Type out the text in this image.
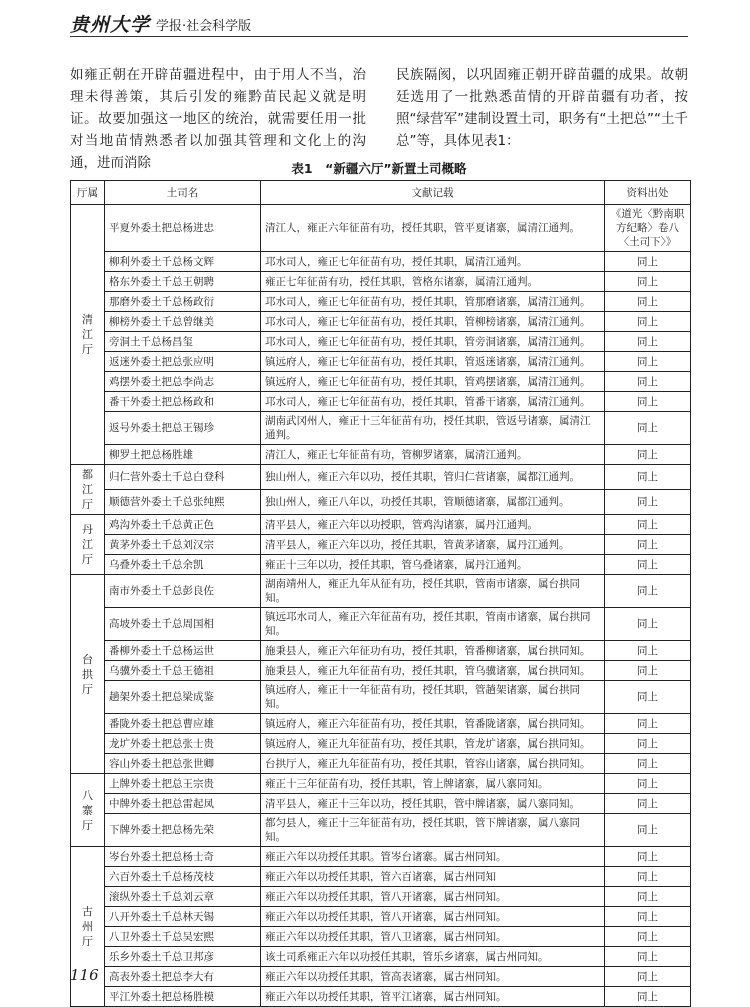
贵州大学 学报·社会科学版
如雍正朝在开辟苗疆进程中，由于用人不当，治理未得善策，其后引发的雍黔苗民起义就是明证。故要加强这一地区的统治，就需要任用一批对当地苗情熟悉者以加强其管理和文化上的沟通，进而消除
民族隔阂，以巩固雍正朝开辟苗疆的成果。故朝廷选用了一批熟悉苗情的开辟苗疆有功者，按照“绿营军”建制设置土司，职务有“土把总”“土千总”等，具体见表1：
表1　“新疆六厅”新置土司概略
厅属	土司名	文献记载	资料出处
清江厅	平夏外委土把总杨进忠	清江人，雍正六年征苗有功，授任其职，管平夏诸寨，属清江通判。	《道光〈黔南职方纪略〉卷八〈土司下〉》
	柳利外委土千总杨文辉	邛水司人，雍正七年征苗有功，授任其职，属清江通判。	同上
	格东外委土千总王朝聘	雍正七年征苗有功，授任其职，管格东诸寨，属清江通判。	同上
	那磨外委土千总杨政衍	邛水司人，雍正七年征苗有功，授任其职，管那磨诸寨，属清江通判。	同上
	柳榜外委土千总曾继美	邛水司人，雍正七年征苗有功，授任其职，管柳榜诸寨，属清江通判。	同上
	旁洞土千总杨昌玺	邛水司人，雍正七年征苗有功，授任其职，管旁洞诸寨，属清江通判。	同上
	返迷外委土把总张应明	镇远府人，雍正七年征苗有功，授任其职，管返迷诸寨，属清江通判。	同上
	鸡摆外委土把总李尚志	镇远府人，雍正七年征苗有功，授任其职，管鸡摆诸寨，属清江通判。	同上
	番干外委土把总杨政和	邛水司人，雍正七年征苗有功，授任其职，管番干诸寨，属清江通判。	同上
	返号外委土把总王锡珍	湖南武冈州人，雍正十三年征苗有功，授任其职，管返号诸寨，属清江通判。	同上
	柳罗土把总杨胜雄	清江人，雍正七年征苗有功，管柳罗诸寨，属清江通判。	同上
都江厅	归仁营外委土千总白登科	独山州人，雍正六年以功，授任其职，管归仁营诸寨，属都江通判。	同上
	顺德营外委土千总张纯熙	独山州人，雍正八年以，功授任其职，管顺德诸寨，属都江通判。	同上
丹江厅	鸡沟外委土千总黄正色	清平县人，雍正六年以功授职，管鸡沟诸寨，属丹江通判。	同上
	黄茅外委土千总刘汉宗	清平县人，雍正六年以功，授任其职，管黄茅诸寨，属丹江通判。	同上
	乌叠外委土千总余凯	雍正十三年以功，授任其职，管乌叠诸寨，属丹江通判。	同上
台拱厅	南市外委土千总彭良佐	湖南靖州人，雍正九年从征有功，授任其职，管南市诸寨，属台拱同知。	同上
	高坡外委土千总周国相	镇远邛水司人，雍正六年征苗有功，授任其职，管南市诸寨，属台拱同知。	同上
	番柳外委土千总杨运世	施秉县人，雍正六年征功有功，授任其职，管番柳诸寨，属台拱同知。	同上
	乌骥外委土千总王德祖	施秉县人，雍正九年征苗有功，授任其职，管乌骥诸寨，属台拱同知。	同上
	趟架外委土把总梁成鉴	镇远府人，雍正十一年征苗有功，授任其职，管趟架诸寨，属台拱同知。	同上
	番陇外委土把总曹应雄	镇远府人，雍正六年征苗有功，授任其职，管番陇诸寨，属台拱同知。	同上
	龙圹外委土把总张士贵	镇远府人，雍正九年征苗有功，授任其职，管龙圹诸寨，属台拱同知。	同上
	容山外委土把总张世卿	台拱厅人，雍正九年征苗有功，授任其职，管容山诸寨，属台拱同知。	同上
八寨厅	上牌外委土把总王宗贵	雍正十三年征苗有功，授任其职，管上牌诸寨，属八寨同知。	同上
	中牌外委土把总雷起凤	清平县人，雍正十三年以功，授任其职，管中牌诸寨，属八寨同知。	同上
	下牌外委土把总杨先荣	都匀县人，雍正十三年征苗有功，授任其职，管下牌诸寨，属八寨同知。	同上
古州厅	岑台外委土把总杨士奇	雍正六年以功授任其职。管岑台诸寨。属古州同知。	同上
	六百外委土千总杨茂枝	雍正六年以功授任其职，管六百诸寨，属古州同知	同上
	滚纵外委土千总刘云章	雍正六年以功授任其职，管八开诸寨，属古州同知。	同上
	八开外委土千总林天锡	雍正六年以功授任其职，管八开诸寨，属古州同知。	同上
	八卫外委土千总吴宏熙	雍正六年以功授任其职，管八卫诸寨，属古州同知。	同上
	乐乡外委土千总卫邦彦	该土司系雍正六年以功授任其职，管乐乡诸寨，属古州同知。	同上
	高表外委土把总李大有	雍正六年以功授任其职，管高表诸寨，属古州同知。	同上
	平江外委土把总杨胜模	雍正六年以功授任其职，管平江诸寨，属古州同知。	同上
116
